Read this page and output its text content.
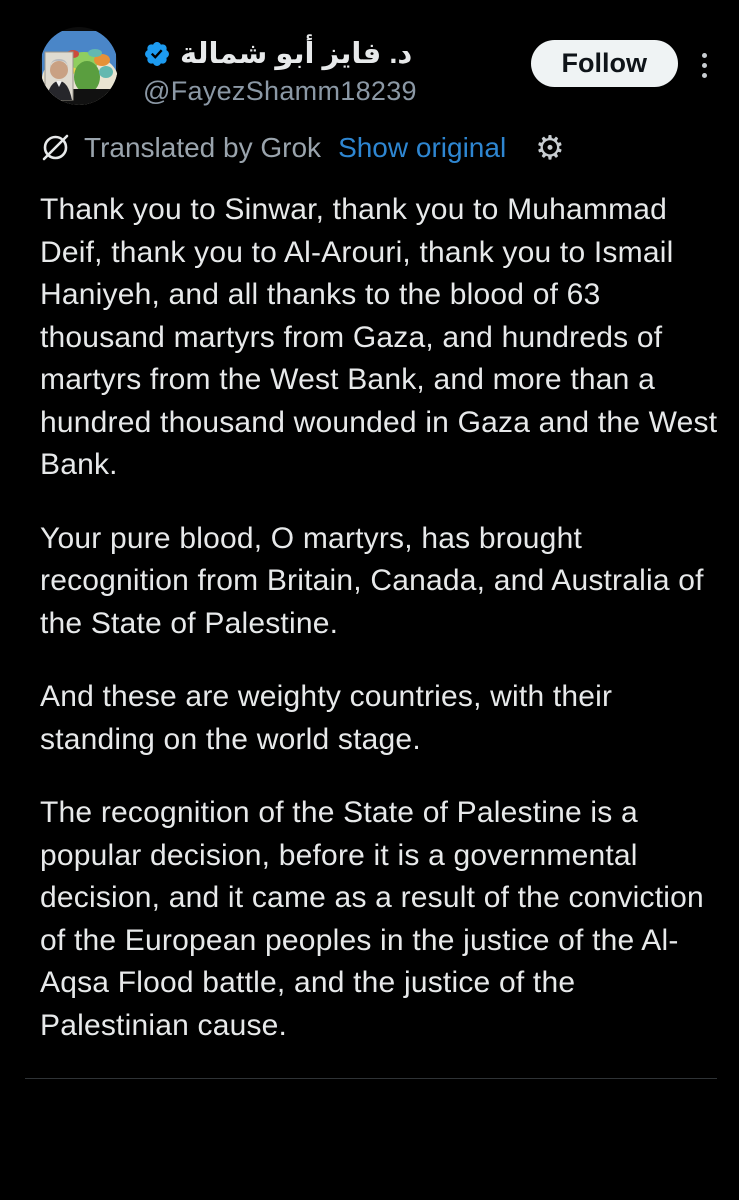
د. فايز أبو شمالة
@FayezShamm18239
Follow
Translated by Grok Show original ⚙

Thank you to Sinwar, thank you to Muhammad Deif, thank you to Al-Arouri, thank you to Ismail Haniyeh, and all thanks to the blood of 63 thousand martyrs from Gaza, and hundreds of martyrs from the West Bank, and more than a hundred thousand wounded in Gaza and the West Bank.

Your pure blood, O martyrs, has brought recognition from Britain, Canada, and Australia of the State of Palestine.

And these are weighty countries, with their standing on the world stage.

The recognition of the State of Palestine is a popular decision, before it is a governmental decision, and it came as a result of the conviction of the European peoples in the justice of the Al-Aqsa Flood battle, and the justice of the Palestinian cause.
